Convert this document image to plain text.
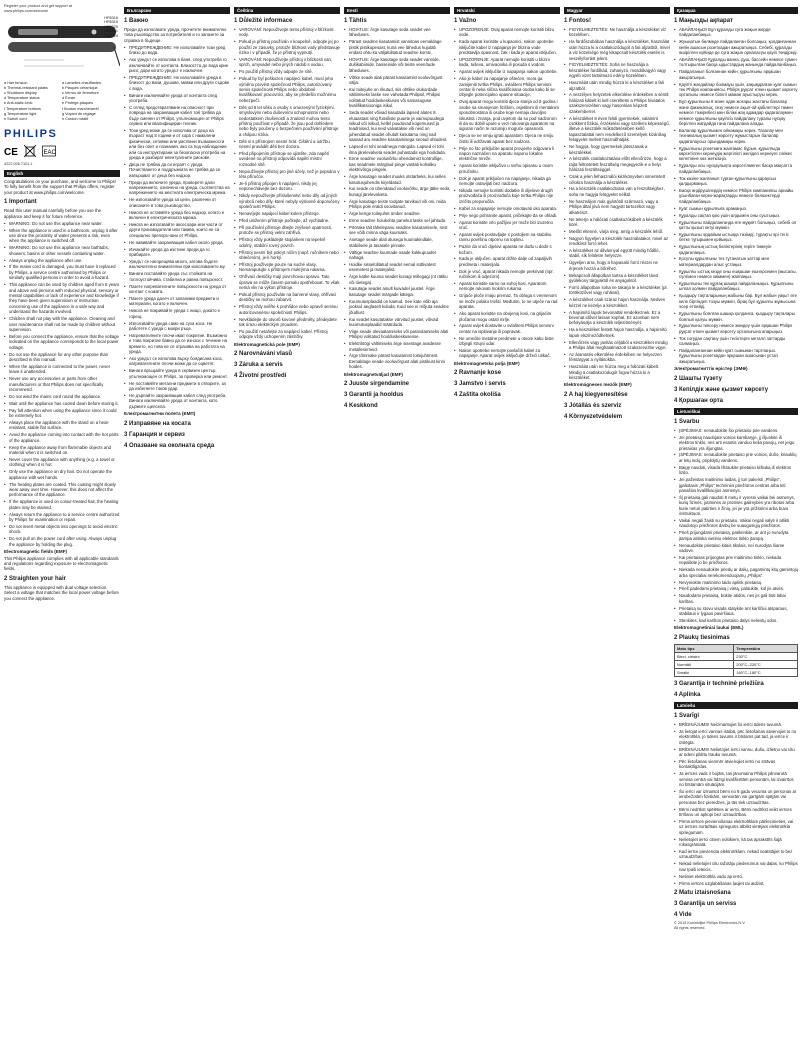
Register your product and get support at
www.philips.com/welcome
HP8316
HP8319
HP8320
HP8321
HP8324
a Hair tension
b Thermal-resistant plates
c Shutdown display
d Temperature status
e Anti-static ionic
f Temperature buttons
g Temperature light
h Swivel cord
a Lamelles chauffantes
b Plaques céramique
c Verrou de fermeture
d Écran
e Protège-plaques
f Bouton marche/arrêt
g Voyant de réglage
h Cordon rotatif
PHILIPS
CE	EAC
4222.006.7101.1
English
Congratulations on your purchase, and welcome to Philips! To fully benefit from the support that Philips offers, register your product at www.philips.com/welcome.
1 Important
Read this user manual carefully before you use the appliance and keep it for future reference.
• WARNING: Do not use this appliance near water.
• When the appliance is used in a bathroom, unplug it after use since the proximity of water presents a risk, even when the appliance is switched off.
• WARNING: Do not use this appliance near bathtubs, showers, basins or other vessels containing water.
• Always unplug the appliance after use.
• If the mains cord is damaged, you must have it replaced by Philips, a service centre authorised by Philips or similarly qualified persons in order to avoid a hazard.
• This appliance can be used by children aged from 8 years and above and persons with reduced physical, sensory or mental capabilities or lack of experience and knowledge if they have been given supervision or instruction concerning use of the appliance in a safe way and understand the hazards involved.
• Children shall not play with the appliance. Cleaning and user maintenance shall not be made by children without supervision.
• Before you connect the appliance, ensure that the voltage indicated on the appliance corresponds to the local power voltage.
• Do not use the appliance for any other purpose than described in this manual.
• When the appliance is connected to the power, never leave it unattended.
• Never use any accessories or parts from other manufacturers or that Philips does not specifically recommend.
• Do not wind the mains cord round the appliance.
• Wait until the appliance has cooled down before storing it.
• Pay full attention when using the appliance since it could be extremely hot.
• Always place the appliance with the stand on a heat-resistant, stable flat surface.
• Avoid the appliance coming into contact with the hot parts of the appliance.
• Keep the appliance away from flammable objects and material when it is switched on.
• Never cover the appliance with anything (e.g. a towel or clothing) when it is hot.
• Only use the appliance on dry hair. Do not operate the appliance with wet hands.
• The heating plates are coated. This coating might slowly wear away over time. However, this does not affect the performance of the appliance.
• If the appliance is used on colour-treated hair, the heating plates may be stained.
• Always return the appliance to a service centre authorized by Philips for examination or repair.
• Do not insert metal objects into openings to avoid electric shock.
• Do not pull on the power cord after using. Always unplug the appliance by holding the plug.
Electromagnetic fields (EMF)
This Philips appliance complies with all applicable standards and regulations regarding exposure to electromagnetic fields.
2 Straighten your hair
This appliance is equipped with dual voltage selection. Select a voltage that matches the local power voltage before you connect the appliance.
Български
1 Важно
Преди да използвате уреда, прочетете внимателно това ръководство за потребителя и го запазете за справка в бъдеще.
• ПРЕДУПРЕЖДЕНИЕ: Не използвайте този уред близо до вода.
• Ако уредът се използва в баня, след употреба го изключвайте от контакта. Близостта до вода крие риск, дори когато уредът е изключен.
• ПРЕДУПРЕЖДЕНИЕ: Не използвайте уреда в близост до вани, душове, мивки или други съдове с вода.
• Винаги изключвайте уреда от контакта след употреба.
• С оглед предотвратяване на опасност при повреда на захранващия кабел той трябва да бъде сменен от Philips, упълномощен от Philips сервиз или квалифициран техник.
• Този уред може да се използва от деца на възраст над 8 години и от хора с намалени физически, сетивни или умствени възможности или без опит и познания, ако са под наблюдение или са инструктирани за безопасна употреба на уреда и разбират евентуалните рискове.
• Деца не трябва да си играят с уреда. Почистването и поддръжката не трябва да се извършват от деца без надзор.
• Преди да включите уреда, проверете дали напрежението, означено на уреда, съответства на напрежението на местната електрическа мрежа.
• Не използвайте уреда за цели, различни от описаните в това ръководство.
• Никога не оставяйте уреда без надзор, когато е включен в електрическата мрежа.
• Никога не използвайте аксесоари или части от други производители или такива, които не са специално препоръчани от Philips.
• Не навивайте захранващия кабел около уреда.
• Изчакайте уреда да изстине преди да го прибирате.
• Уредът се нагорещява много, затова бъдете изключително внимателни при използването му.
• Винаги поставяйте уреда със стойката на топлоустойчива, стабилна и равна повърхност.
• Пазете нагревателните повърхности на уреда от контакт с кожата.
• Пазете уреда далеч от запалими предмети и материали, когато е включен.
• Никога не покривайте уреда с нищо, докато е горещ.
• Използвайте уреда само на суха коса. Не работете с уреда с мокри ръце.
• Нагревателните плочи имат покритие. Възможно е това покритие бавно да се износи с течение на времето, но това не се отразява на работата на уреда.
• Ако уредът се използва върху боядисана коса, нагревателните плочи може да се оцветят.
• Винаги връщайте уреда в сервизен център, упълномощен от Philips, за проверка или ремонт.
• Не поставяйте метални предмети в отворите, за да избегнете токов удар.
• Не дърпайте захранващия кабел след употреба. Винаги изключвайте уреда от контакта, като държите щепсела.
Електромагнитни полета (ЕМП)
2 Изправяне на косата
3 Гаранция и сервиз
4 Опазване на околната среда
Čeština
1 Důležité informace
• VAROVÁNÍ: Nepoužívejte tento přístroj v blízkosti vody.
• Pokud je přístroj používán v koupelně, odpojte jej po použití ze zásuvky, protože blízkost vody představuje riziko i v případě, že je přístroj vypnutý.
• VAROVÁNÍ: Nepoužívejte přístroj v blízkosti van, sprch, umyvadel nebo jiných nádob s vodou.
• Po použití přístroj vždy odpojte ze sítě.
• Pokud by byl poškozen napájecí kabel, musí jeho výměnu provést společnost Philips, autorizovaný servis společnosti Philips nebo obdobně kvalifikovaní pracovníci, aby se předešlo možnému nebezpečí.
• Děti od 8 let věku a osoby s omezenými fyzickými, smyslovými nebo duševními schopnostmi nebo nedostatkem zkušeností a znalostí mohou tento přístroj používat v případě, že jsou pod dohledem nebo byly poučeny o bezpečném používání přístroje a chápou rizika.
• Děti si s přístrojem nesmí hrát. Čištění a údržbu nesmí provádět děti bez dozoru.
• Před připojením přístroje se ujistěte, zda napětí uvedené na přístroji odpovídá napětí místní rozvodné sítě.
• Nepoužívejte přístroj pro jiné účely, než je popsáno v této příručce.
• Je-li přístroj připojen k napájení, nikdy jej neponechávejte bez dozoru.
• Nikdy nepoužívejte příslušenství nebo díly od jiných výrobců nebo díly, které nebyly výslovně doporučeny společností Philips.
• Nenavíjejte napájecí kabel kolem přístroje.
• Před uložením přístroje počkejte, až vychladne.
• Při používání přístroje dbejte zvýšené opatrnosti, protože se přístroj velmi zahřívá.
• Přístroj vždy pokládejte stojánkem na tepelně odolný, stabilní rovný povrch.
• Přístroj nesmí být pokryt ničím (např. ručníkem nebo oblečením), je-li horký.
• Přístroj používejte pouze na suché vlasy. Nemanipulujte s přístrojem mokrýma rukama.
• Ohřívací destičky mají povrchovou úpravu. Tato úprava se může časem pomalu opotřebovat. To však nemá vliv na výkon přístroje.
• Pokud přístroj používáte na barvené vlasy, ohřívací destičky se mohou zabarvit.
• Přístroj vždy svěřte k prohlídce nebo opravě servisu autorizovanému společností Philips.
• Nevkládejte do otvorů kovové předměty, předejdete tak úrazu elektrickým proudem.
• Po použití netahejte za napájecí kabel. Přístroj odpojte vždy uchopením zástrčky.
Elektromagnetická pole (EMP)
2 Narovnávání vlasů
3 Záruka a servis
4 Životní prostředí
Eesti
1 Tähtis
• HOIATUS: Ärge kasutage seda seadet vee läheduses.
• Pärast seadme kasutamist vannitoas eemaldage pistik pistikupesast, kuna vee lähedus kujutab endast ohtu ka väljalülitatud seadme korral.
• HOIATUS: Ärge kasutage seda seadet vannide, dušikabiinide, basseinide või teiste veenõude läheduses.
• Võtke seade alati pärast kasutamist vooluvõrgust välja.
• Kui toitejuhe on rikutud, siis ohtlike olukordade vältimiseks laske see vahetada Philipsil, Philipsi volitatud hoolduskeskuses või samasuguse kvalifikatsiooniga isikul.
• Seda seadet võivad kasutada lapsed alates 8. eluaastast ning füüsiliste puuete ja vaimupuudega isikud või isikud, kellel puuduvad kogemused ja teadmised, kui neid valvatakse või neid on juhendatud seadet ohutult kasutama ning nad saavad aru seadme kasutamisega seotud ohtudest.
• Lapsed ei tohi seadmega mängida. Lapsed ei tohi ilma järelevalveta seadet puhastada ega hooldada.
• Enne seadme vooluvõrku ühendamist kontrollige, kas seadmele märgitud pinge vastab kohaliku elektrivõrgu pingele.
• Ärge kasutage seadet muuks otstarbeks, kui selles kasutusjuhendis kirjeldatud.
• Kui seade on ühendatud vooluvõrku, ärge jätke seda kunagi järelevalveta.
• Ärge kasutage teiste tootjate tarvikuid või osi, mida Philips pole eraldi soovitanud.
• Ärge kerige toitejuhet ümber seadme.
• Enne seadme hoiukohta panekut laske sel jahtuda.
• Pöörake täit tähelepanu seadme kasutamisele, sest see võib minna väga kuumaks.
• Asetage seade alati alusega kuumakindlale, stabiilsele ja tasasele pinnale.
• Vältige seadme kuumade osade kokkupuudet nahaga.
• Hoidke sisselülitatud seadet eemal süttivatest esemetest ja materjalist.
• Ärge katke kuuma seadet kunagi millegagi (nt rätiku või riietega).
• Kasutage seadet ainult kuivadel juustel. Ärge kasutage seadet märgade kätega.
• Kuumutusplaadid on kaetud. See kate võib aja jooksul aeglaselt kuluda. Kuid see ei mõjuta seadme jõudlust.
• Kui seadet kasutatakse värvitud juustel, võivad kuumutusplaadid määrduda.
• Viige seade ülevaatamiseks või parandamiseks alati Philipsi volitatud hoolduskeskusesse.
• Elektrilöögi vältimiseks ärge sisestage avadesse metallesemeid.
• Ärge tõmmake pärast kasutamist toitejuhtmest. Eemaldage seade vooluvõrgust alati pistikust kinni hoides.
Elektromagnetväljad (EMF)
2 Juuste sirgendamine
3 Garantii ja hooldus
4 Keskkond
Hrvatski
1 Važno
• UPOZORENJE: Ovaj aparat nemojte koristiti blizu vode.
• Kada aparat koristite u kupaonici, nakon upotrebe isključite kabel iz napajanja jer blizina vode predstavlja opasnost, čak i kada je aparat isključen.
• UPOZORENJE: Aparat nemojte koristiti u blizini kada, tuševa, umivaonika ili posuda s vodom.
• Aparat uvijek isključite iz napajanja nakon upotrebe.
• Ako je kabel za napajanje oštećen, mora ga zamijeniti tvrtka Philips, ovlašteni Philips servisni centar ili neka slična kvalificirana osoba kako bi se izbjegle potencijalno opasne situacije.
• Ovaj aparat mogu koristiti djeca starija od 8 godina i osobe sa smanjenim fizičkim, osjetilnim ili mentalnim sposobnostima ili osobe koje nemaju dovoljno iskustva i znanja, pod uvjetom da su pod nadzorom ili da su dobili upute u vezi rukovanja aparatom na siguran način te razumiju moguće opasnosti.
• Djeca se ne smiju igrati aparatom. Djeca ne smiju čistiti ili održavati aparat bez nadzora.
• Prije no što priključite aparat provjerite odgovara li napon naznačen na aparatu naponu lokalne električne mreže.
• Aparat koristite isključivo u svrhu opisanu u ovom priručniku.
• Dok je aparat priključen na napajanje, nikada ga nemojte ostavljati bez nadzora.
• Nikada nemojte koristiti dodatke ili dijelove drugih proizvođača ili proizvođača koje tvrtka Philips nije izričito preporučila.
• Kabel za napajanje nemojte omotavati oko aparata.
• Prije nego pohranite aparat, pričekajte da se ohladi.
• Aparat koristite vrlo pažljivo jer može biti izuzetno vruć.
• Aparat uvijek postavljajte s postoljem na stabilnu ravnu površinu otpornu na toplinu.
• Pazite da vrući dijelovi aparata ne dođu u dodir s kožom.
• Kada je uključen, aparat držite dalje od zapaljivih predmeta i materijala.
• Dok je vruć, aparat nikada nemojte prekrivati (npr. ručnikom ili odjećom).
• Aparat koristite samo na suhoj kosi. Aparatom nemojte rukovati mokrim rukama.
• Grijaće ploče imaju premaz. Ta obloga s vremenom se može polako trošiti. Međutim, to ne utječe na rad aparata.
• Ako aparat koristite na obojenoj kosi, na grijaćim pločama mogu ostati mrlje.
• Aparat uvijek dostavite u ovlašteni Philips servisni centar na ispitivanje ili popravak.
• Ne umećite metalne predmete u otvore kako biste izbjegli strujni udar.
• Nakon upotrebe nemojte povlačiti kabel za napajanje. Aparat uvijek isključujte držeći utikač.
Elektromagnetska polja (EMF)
2 Ravnanje kose
3 Jamstvo i servis
4 Zaštita okoliša
Magyar
1 Fontos!
• FIGYELMEZTETÉS: Ne használja a készüléket víz közelében.
• Ha fürdőszobában használja a készüléket, használat után húzza ki a csatlakozódugót a fali aljzatból, mivel a víz közelsége még kikapcsolt készülék esetén is veszélyforrást jelent.
• FIGYELMEZTETÉS: Soha ne használja a készüléket fürdőkád, zuhanyzó, mosdókagyló vagy egyéb vizet tartalmazó edény közelében.
• Használat után mindig húzza ki a készüléket a fali aljzatból.
• A veszélyes helyzetek elkerülése érdekében a sérült hálózati kábelt ki kell cseréltetni a Philips hivatalos szakszervizében vagy hasonlóan képzett szakemberrel.
• A készüléket 8 éven felüli gyermekek, valamint csökkent fizikai, érzékelési vagy szellemi képességű, illetve a készülék működtetésében kellő tapasztalattal nem rendelkező személyek kizárólag felügyelet mellett használhatják.
• Ne hagyja, hogy gyermekek játsszanak a készülékkel.
• A készülék csatlakoztatása előtt ellenőrizze, hogy a rajta feltüntetett feszültség megegyezik-e a helyi hálózati feszültséggel.
• Csak a jelen felhasználói kézikönyvben ismertetett célokra használja a készüléket.
• Ha a készülék csatlakoztatva van a feszültséghez, soha ne hagyja felügyelet nélkül.
• Ne használjon más gyártótól származó, vagy a Philips által jóvá nem hagyott tartozékot vagy alkatrészt.
• Ne tekerje a hálózati csatlakozókábelt a készülék köré.
• Mielőtt eltenné, várja meg, amíg a készülék lehűl.
• Nagyon figyeljen a készülék használatakor, mivel az rendkívül forró lehet.
• A készüléket az állvánnyal együtt mindig hőálló, stabil, sík felületre helyezze.
• Ügyeljen arra, hogy a hajvasaló forró részei ne érjenek hozzá a bőréhez.
• Bekapcsolt állapotban tartsa a készüléket távol gyúlékony tárgyaktól és anyagoktól.
• Forró állapotban soha ne takarja le a készüléket (pl. törölközővel vagy ruhával).
• A készüléket csak száraz hajon használja. Nedves kézzel ne kezelje a készüléket.
• A hajsimító lapok bevonattal rendelkeznek. Ez a bevonat idővel lassan kophat. Ez azonban nem befolyásolja a készülék teljesítményét.
• Ha a készüléket festett hajon használja, a hajsimító lapok elszíneződhetnek.
• Ellenőrzés vagy javítás céljából a készüléket mindig a Philips által meghatalmazott szakszervizbe vigye.
• Az áramütés elkerülése érdekében ne helyezzen fémtárgyat a nyílásokba.
• Használat után ne húzza meg a hálózati kábelt. Mindig a csatlakozódugót fogva húzza ki a készüléket.
Elektromágneses mezők (EMF)
2 A haj kiegyenesítése
3 Jótállás és szerviz
4 Környezetvédelem
Қазақша
1 Маңызды ақпарат
• АБАЙЛАҢЫЗ! Бұл құралды суға жақын жерде пайдаланбаңыз.
• Жуынатын бөлмеде пайдаланған болсаңыз, қолданғаннан кейін ашасын розеткадан ажыратыңыз. Себебі, құралды өшірілген күйінде де суға жақын орналасуы қауіп төндіреді.
• АБАЙЛАҢЫЗ! Құралды ванна, душ, бассейн немесе сумен толтырылған басқа ыдыстардың жанында пайдаланбаңыз.
• Пайдаланып болғаннан кейін, құрылғыны әрқашан ажыратыңыз.
• Қауіпті жағдайлар болмауы үшін, зақымдалған қуат сымын тек Philips компаниясы, Philips рұқсат еткен қызмет көрсету орталығы немесе білікті маман ауыстыруы керек.
• Бұл құрылғыны 8 және одан жоғары жастағы балалар және физикалық, сезу немесе ақыл-ой қабілеттері төмен немесе тәжірибесі мен білімі жоқ адамдар қадағалаумен немесе құрылғыны қауіпсіз пайдалану туралы нұсқау берілген жағдайда ғана пайдалана алады.
• Балалар құрылғымен ойнамауы керек. Тазалау мен техникалық қызмет көрсету жұмыстарын балалар қадағалаусыз орындамауы керек.
• Құрылғыны розеткаға жалғамас бұрын, құрылғыда көрсетілген кернеудің жергілікті желідегі кернеуге сәйкес келетініне көз жеткізіңіз.
• Құралды осы нұсқаулықта көрсетілмеген басқа мақсатта пайдаланбаңыз.
• Ток көзіне жалғанып тұрған құрылғыны қараусыз қалдырмаңыз.
• Басқа өндірушілердің немесе Philips компаниясы арнайы ұсынбаған керек-жарақтарды немесе бөлшектерді пайдаланбаңыз.
• Қуат сымын құрылғыға орамаңыз.
• Құралды сақтап қою үшін алдымен оны суытыңыз.
• Құрылғыны пайдаланғанда өте мұқият болыңыз, себебі ол қатты қызып кетуі мүмкін.
• Құрылғыны әрдайым ыстыққа төзімді, тұрақты әрі тегіс бетке тұғырымен қойыңыз.
• Құрылғының ыстық бөліктерінің теріге тимеуін қадағалаңыз.
• Қосулы құрылғыны тез тұтанатын заттар мен материалдардан алыс ұстаңыз.
• Құрылғы ыстық кезде оны ешқашан ешнәрсемен (мысалы, сүлгімен немесе киіммен) жаппаңыз.
• Құрылғыны тек құрғақ шашқа пайдаланыңыз. Құрылғыны ылғал қолмен пайдаланбаңыз.
• Қыздыру тақталарының жабыны бар. Бұл жабын уақыт өте келе біртіндеп тозуы мүмкін, бірақ бұл құрылғы жұмысына әсер етпейді.
• Құрылғыны боялған шашқа қолданса, қыздыру тақталары боялып қалуы мүмкін.
• Құрылғыны тексеру немесе жөндеу үшін әрқашан Philips рұқсат еткен қызмет көрсету орталығына апарыңыз.
• Ток соғудан сақтану үшін тесіктерге металл заттарды салмаңыз.
• Пайдаланғаннан кейін қуат сымынан тартпаңыз. Құрылғыны розеткадан әрқашан ашасынан ұстап ажыратыңыз.
Электромагниттік өрістер (ЭМӨ)
2 Шашты түзету
3 Кепілдік және қызмет көрсету
4 Қоршаған орта
Lietuviškai
1 Svarbu
• ĮSPĖJIMAS: nenaudokite šio prietaiso prie vandens.
• Jei prietaisą naudojate vonios kambaryje, jį išjunkite iš elektros tinklo, nes arti esantis vanduo kelia pavojų, net jeigu prietaisas yra išjungtas.
• ĮSPĖJIMAS: nenaudokite prietaiso prie vonios, dušo, kriauklių ar kitų indų, pripildytų vandens.
• Baigę naudoti, visada ištraukite prietaiso kištuką iš elektros lizdo.
• Jei pažeistas maitinimo laidas, jį turi pakeisti „Philips“, įgaliotasis „Philips“ techninės priežiūros centras arba kiti panašios kvalifikacijos asmenys.
• Šį prietaisą gali naudoti 8 metų ir vyresni vaikai bei asmenys, kurių fizinės, jutiminės ar protinės galimybės yra ribotos arba kurie neturi patirties ir žinių, jei jie yra prižiūrimi arba buvo instruktuoti.
• Vaikai negali žaisti su prietaisu. Vaikai negali valyti ir atlikti naudotojo priežiūros darbų be suaugusiųjų priežiūros.
• Prieš prijungdami prietaisą, patikrinkite, ar ant jo nurodyta įtampa atitinka vietinio elektros tinklo įtampą.
• Nenaudokite prietaiso kitais tikslais, nei nurodyta šiame vadove.
• Kai prietaisas prijungtas prie maitinimo tinklo, niekada nepalikite jo be priežiūros.
• Niekada nenaudokite priedų ar dalių, pagamintų kitų gamintojų arba specialiai nerekomenduojamų „Philips“.
• Nevyniokite maitinimo laido aplink prietaisą.
• Prieš padėdami prietaisą į vietą, palaukite, kol jis atvės.
• Naudodami prietaisą, būkite atidūs, nes jis gali būti labai karštas.
• Prietaisą su stovu visada statykite ant karščiui atsparaus, stabilaus ir lygaus paviršiaus.
• Stenkitės, kad karštos prietaiso dalys neliestų odos.
Elektromagnetiniai laukai (EML)
2 Plaukų tiesinimas
Matu tips	Temperatūra
Biezi, cirtaini	230°C
Normāli	200°C–220°C
Smalki	160°C–180°C
3 Garantija ir techninė priežiūra
4 Aplinka
Latviešu
1 Svarīgi
• BRĪDINĀJUMS! Neizmantojiet šo ierīci ūdens tuvumā.
• Ja lietojat ierīci vannas istabā, pēc lietošanas atvienojiet to no elektrotīkla, jo ūdens tuvums ir bīstams pat tad, ja ierīce ir izslēgta.
• BRĪDINĀJUMS! Nelietojiet ierīci vannu, dušu, izlietņu vai citu ar ūdeni pildītu trauku tuvumā.
• Pēc lietošanas vienmēr atvienojiet ierīci no strāvas kontaktligzdas.
• Ja ierīces vads ir bojāts, tas jānomaina Philips pilnvarotā servisa centrā vai līdzīgi kvalificētām personām, lai izvairītos no bīstamām situācijām.
• Šo ierīci var izmantot bērni no 8 gadu vecuma un personas ar ierobežotām fiziskām, sensorām vai garīgām spējām vai personas bez pieredzes, ja tās tiek uzraudzītas.
• Bērni nedrīkst spēlēties ar ierīci. Bērni nedrīkst veikt ierīces tīrīšanu un apkopi bez uzraudzības.
• Pirms ierīces pievienošanas elektrotīklam pārliecinieties, vai uz ierīces norādītais spriegums atbilst vietējam elektrotīkla spriegumam.
• Nelietojiet ierīci citiem nolūkiem, kā tas aprakstīts šajā rokasgrāmatā.
• Kad ierīce pievienota elektrotīklam, nekad neatstājiet to bez uzraudzības.
• Nekad nelietojiet citu ražotāju piederumus vai daļas, ko Philips nav īpaši ieteicis.
• Netiniet elektrotīkla vadu ap ierīci.
• Pirms ierīces uzglabāšanas ļaujiet tai atdzist.
2 Matu iztaisnošana
3 Garantija un serviss
4 Vide
© 2013 Koninklijke Philips Electronics N.V.
All rights reserved.
